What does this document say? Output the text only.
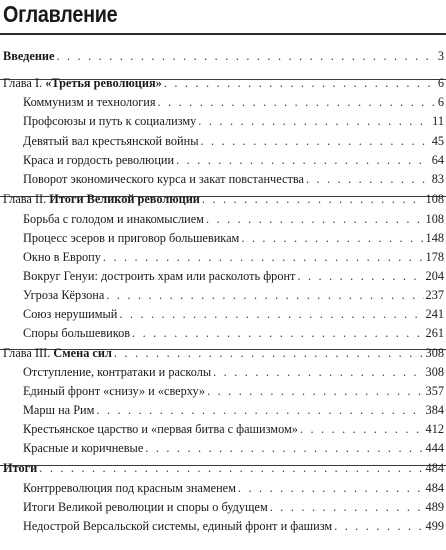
Оглавление
Введение . . .	3
Глава I. «Третья революция» . . .	6
Коммунизм и технология . . .	6
Профсоюзы и путь к социализму . . .	11
Девятый вал крестьянской войны . . .	45
Краса и гордость революции . . .	64
Поворот экономического курса и закат повстанчества . . .	83
Глава II. Итоги Великой революции . . .	108
Борьба с голодом и инакомыслием . . .	108
Процесс эсеров и приговор большевикам . . .	148
Окно в Европу . . .	178
Вокруг Генуи: достроить храм или расколоть фронт . . .	204
Угроза Кёрзона . . .	237
Союз нерушимый . . .	241
Споры большевиков . . .	261
Глава III. Смена сил . . .	308
Отступление, контратаки и расколы . . .	308
Единый фронт «снизу» и «сверху» . . .	357
Марш на Рим . . .	384
Крестьянское царство и «первая битва с фашизмом» . . .	412
Красные и коричневые . . .	444
Итоги . . .	484
Контрреволюция под красным знаменем . . .	484
Итоги Великой революции и споры о будущем . . .	489
Недострой Версальской системы, единый фронт и фашизм . . .	499
